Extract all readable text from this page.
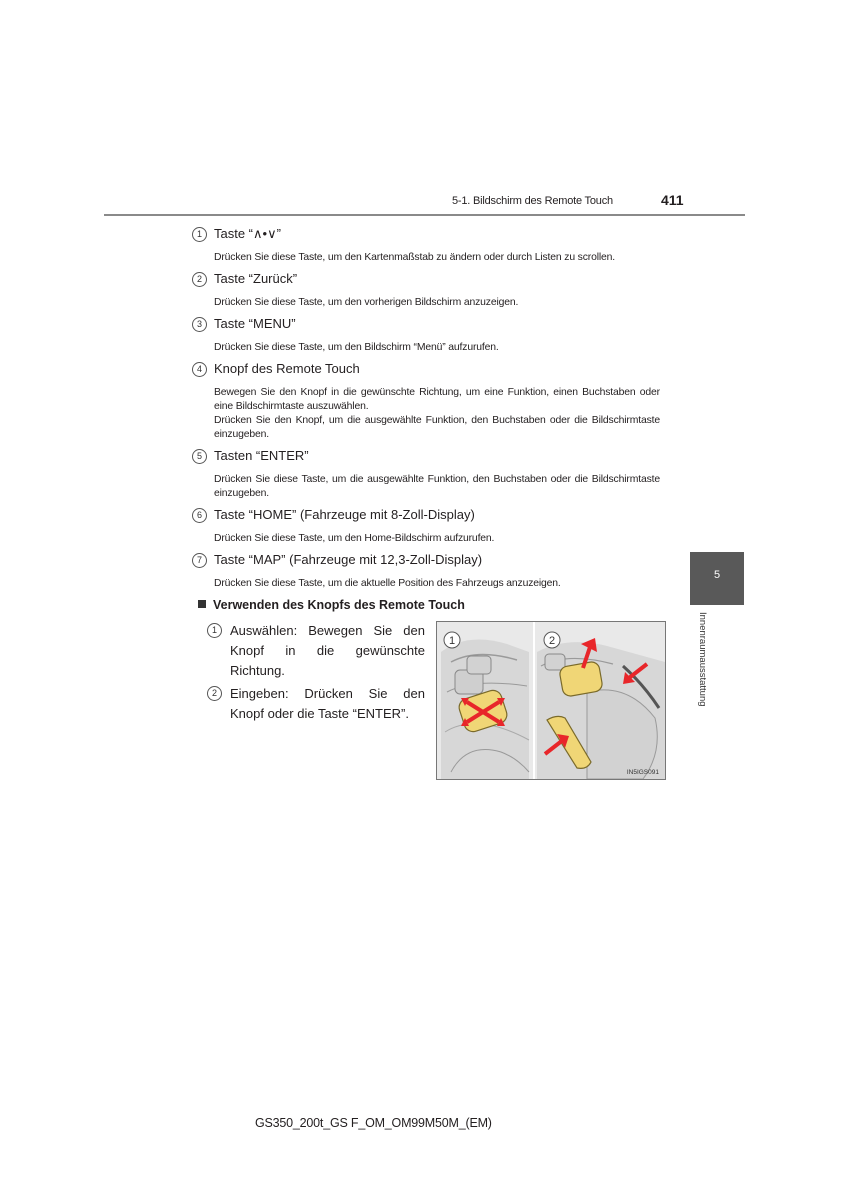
5-1. Bildschirm des Remote Touch	411
1 Taste “∧•∨”

Drücken Sie diese Taste, um den Kartenmaßstab zu ändern oder durch Listen zu scrollen.

2 Taste “Zurück”

Drücken Sie diese Taste, um den vorherigen Bildschirm anzuzeigen.

3 Taste “MENU”

Drücken Sie diese Taste, um den Bildschirm “Menü” aufzurufen.

4 Knopf des Remote Touch

Bewegen Sie den Knopf in die gewünschte Richtung, um eine Funktion, einen Buchstaben oder eine Bildschirmtaste auszuwählen.

Drücken Sie den Knopf, um die ausgewählte Funktion, den Buchstaben oder die Bildschirmtaste einzugeben.

5 Tasten “ENTER”

Drücken Sie diese Taste, um die ausgewählte Funktion, den Buchstaben oder die Bildschirmtaste einzugeben.

6 Taste “HOME” (Fahrzeuge mit 8-Zoll-Display)

Drücken Sie diese Taste, um den Home-Bildschirm aufzurufen.

7 Taste “MAP” (Fahrzeuge mit 12,3-Zoll-Display)

Drücken Sie diese Taste, um die aktuelle Position des Fahrzeugs anzuzeigen.

Verwenden des Knopfs des Remote Touch
1	Auswählen: Bewegen Sie den Knopf in die gewünschte Richtung.
2	Eingeben: Drücken Sie den Knopf oder die Taste “ENTER”.
1	2
IN5IGS091
5
Innenraumausstattung
GS350_200t_GS F_OM_OM99M50M_(EM)
